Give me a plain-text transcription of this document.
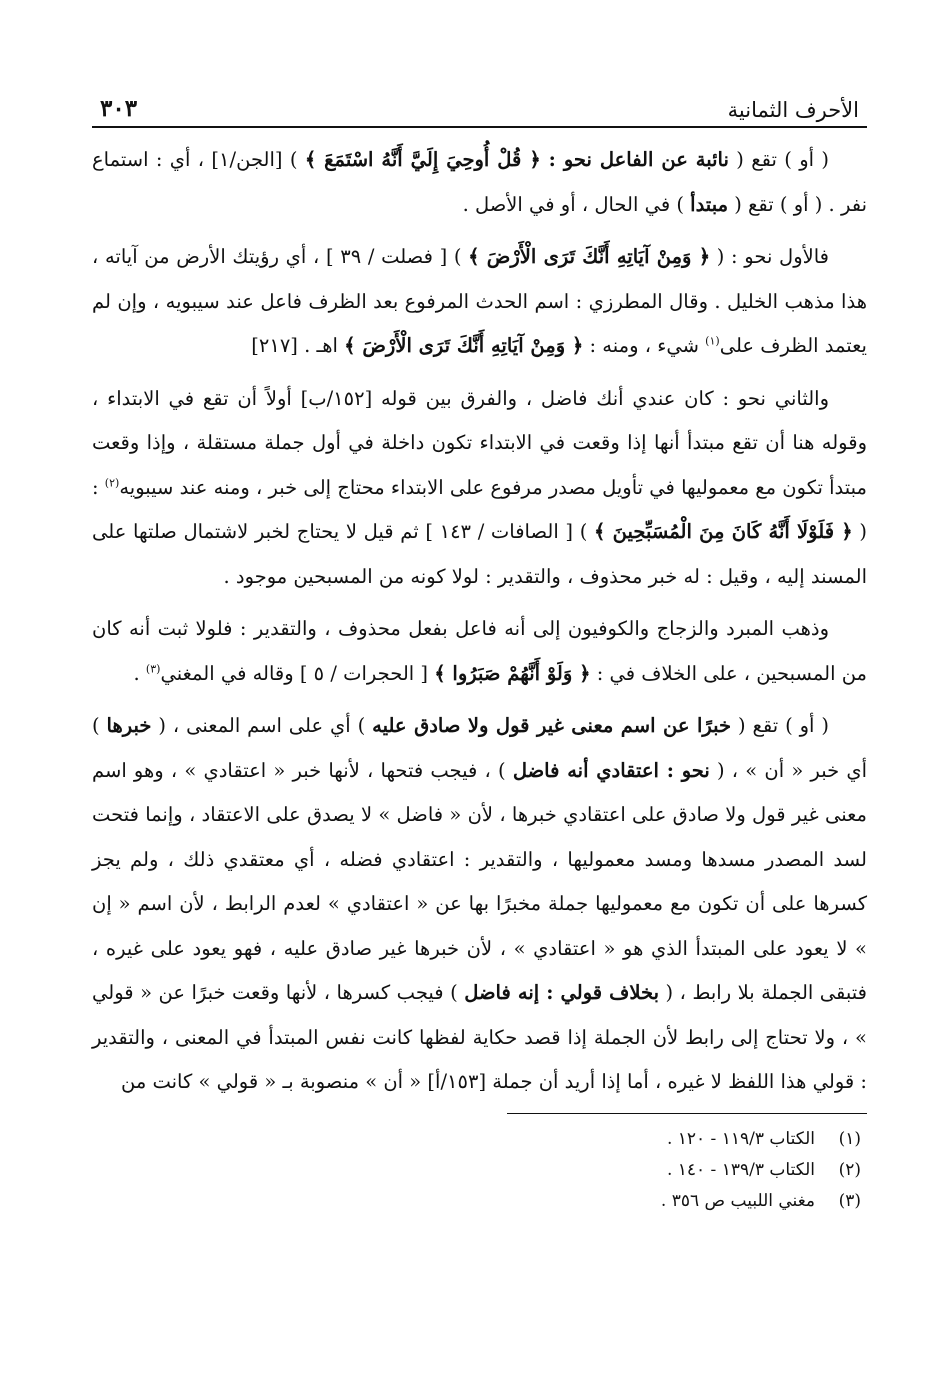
الأحرف الثمانية
٣٠٣

( أو ) تقع ( نائبة عن الفاعل نحو : ﴿ قُلْ أُوحِيَ إِلَيَّ أَنَّهُ اسْتَمَعَ ﴾ ) [الجن/١] ، أي : استماع نفر . ( أو ) تقع ( مبتدأ ) في الحال ، أو في الأصل .

فالأول نحو : ( ﴿ وَمِنْ آيَاتِهِ أَنَّكَ تَرَى الْأَرْضَ ﴾ ) [ فصلت / ٣٩ ] ، أي رؤيتك الأرض من آياته ، هذا مذهب الخليل . وقال المطرزي : اسم الحدث المرفوع بعد الظرف فاعل عند سيبويه ، وإن لم يعتمد الظرف على$^{(١)}$ شيء ، ومنه : ﴿ وَمِنْ آيَاتِهِ أَنَّكَ تَرَى الْأَرْضَ ﴾ اهـ . [٢١٧]

والثاني نحو : كان عندي أنك فاضل ، والفرق بين قوله [١٥٢/ب] أولاً أن تقع في الابتداء ، وقوله هنا أن تقع مبتدأ أنها إذا وقعت في الابتداء تكون داخلة في أول جملة مستقلة ، وإذا وقعت مبتدأ تكون مع معموليها في تأويل مصدر مرفوع على الابتداء محتاج إلى خبر ، ومنه عند سيبويه$^{(٢)}$ : ( ﴿ فَلَوْلَا أَنَّهُ كَانَ مِنَ الْمُسَبِّحِينَ ﴾ ) [ الصافات / ١٤٣ ] ثم قيل لا يحتاج لخبر لاشتمال صلتها على المسند إليه ، وقيل : له خبر محذوف ، والتقدير : لولا كونه من المسبحين موجود .

وذهب المبرد والزجاج والكوفيون إلى أنه فاعل بفعل محذوف ، والتقدير : فلولا ثبت أنه كان من المسبحين ، على الخلاف في : ﴿ وَلَوْ أَنَّهُمْ صَبَرُوا ﴾ [ الحجرات / ٥ ] وقاله في المغني$^{(٣)}$ .

( أو ) تقع ( خبرًا عن اسم معنى غير قول ولا صادق عليه ) أي على اسم المعنى ، ( خبرها ) أي خبر « أن » ، ( نحو : اعتقادي أنه فاضل ) ، فيجب فتحها ، لأنها خبر « اعتقادي » ، وهو اسم معنى غير قول ولا صادق على اعتقادي خبرها ، لأن « فاضل » لا يصدق على الاعتقاد ، وإنما فتحت لسد المصدر مسدها ومسد معموليها ، والتقدير : اعتقادي فضله ، أي معتقدي ذلك ، ولم يجز كسرها على أن تكون مع معموليها جملة مخبرًا بها عن « اعتقادي » لعدم الرابط ، لأن اسم « إن » لا يعود على المبتدأ الذي هو « اعتقادي » ، لأن خبرها غير صادق عليه ، فهو يعود على غيره ، فتبقى الجملة بلا رابط ، ( بخلاف قولي : إنه فاضل ) فيجب كسرها ، لأنها وقعت خبرًا عن « قولي » ، ولا تحتاج إلى رابط لأن الجملة إذا قصد حكاية لفظها كانت نفس المبتدأ في المعنى ، والتقدير : قولي هذا اللفظ لا غيره ، أما إذا أريد أن جملة [١٥٣/أ] « أن » منصوبة بـ « قولي » كانت من

(١)
الكتاب ١١٩/٣ - ١٢٠ .
(٢)
الكتاب ١٣٩/٣ - ١٤٠ .
(٣)
مغني اللبيب ص ٣٥٦ .
